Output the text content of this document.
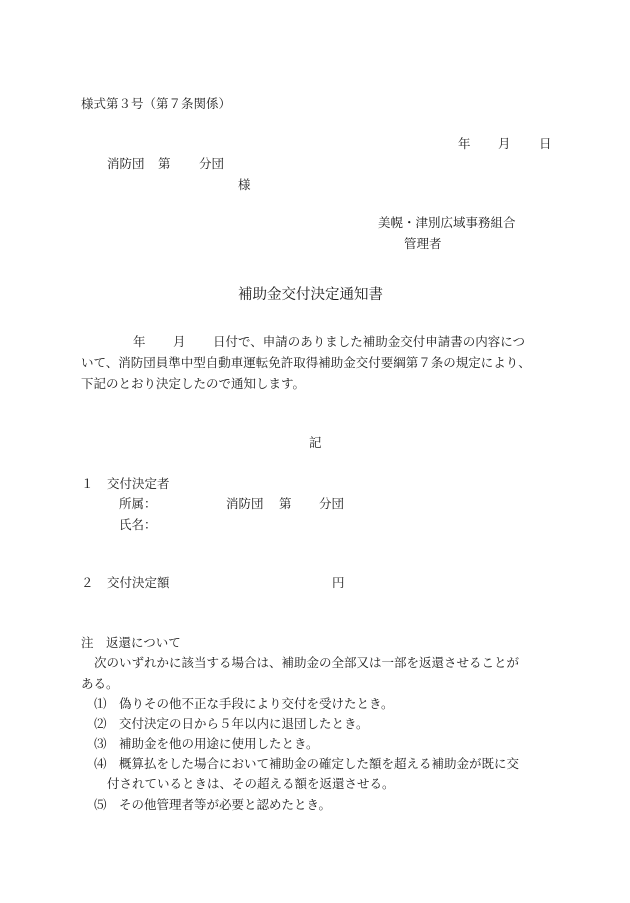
様式第３号（第７条関係）
年 月 日
消防団 第 分団
様
美幌・津別広域事務組合
管理者
補助金交付決定通知書
年 月 日付で、申請のありました補助金交付申請書の内容につ
いて、消防団員準中型自動車運転免許取得補助金交付要綱第７条の規定により、
下記のとおり決定したので通知します。
記
１ 交付決定者
所属：	消防団 第 分団
氏名：
２ 交付決定額	円
注　返還について
次のいずれかに該当する場合は、補助金の全部又は一部を返還させることが
ある。
⑴ 偽りその他不正な手段により交付を受けたとき。
⑵ 交付決定の日から５年以内に退団したとき。
⑶ 補助金を他の用途に使用したとき。
⑷ 概算払をした場合において補助金の確定した額を超える補助金が既に交
付されているときは、その超える額を返還させる。
⑸ その他管理者等が必要と認めたとき。
